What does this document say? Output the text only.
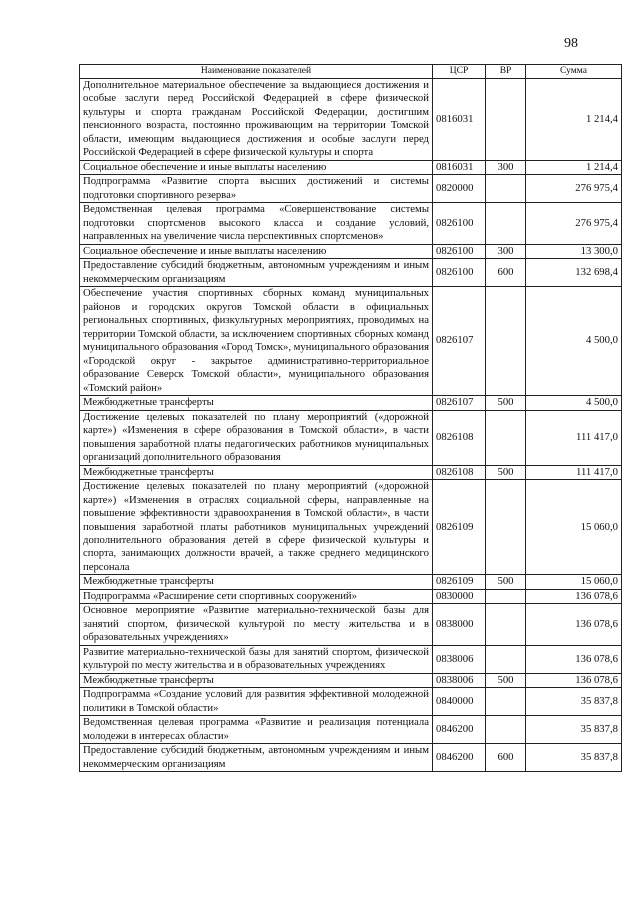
98
Наименование показателей	ЦСР	ВР	Сумма
Дополнительное материальное обеспечение за выдающиеся достижения и особые заслуги перед Российской Федерацией в сфере физической культуры и спорта гражданам Российской Федерации, достигшим пенсионного возраста, постоянно проживающим на территории Томской области, имеющим выдающиеся достижения и особые заслуги перед Российской Федерацией в сфере физической культуры и спорта	0816031		1 214,4
Социальное обеспечение и иные выплаты населению	0816031	300	1 214,4
Подпрограмма «Развитие спорта высших достижений и системы подготовки спортивного резерва»	0820000		276 975,4
Ведомственная целевая программа «Совершенствование системы подготовки спортсменов высокого класса и создание условий, направленных на увеличение числа перспективных спортсменов»	0826100		276 975,4
Социальное обеспечение и иные выплаты населению	0826100	300	13 300,0
Предоставление субсидий бюджетным, автономным учреждениям и иным некоммерческим организациям	0826100	600	132 698,4
Обеспечение участия спортивных сборных команд муниципальных районов и городских округов Томской области в официальных региональных спортивных, физкультурных мероприятиях, проводимых на территории Томской области, за исключением спортивных сборных команд муниципального образования «Город Томск», муниципального образования «Городской округ - закрытое административно-территориальное образование Северск Томской области», муниципального образования «Томский район»	0826107		4 500,0
Межбюджетные трансферты	0826107	500	4 500,0
Достижение целевых показателей по плану мероприятий («дорожной карте») «Изменения в сфере образования в Томской области», в части повышения заработной платы педагогических работников муниципальных организаций дополнительного образования	0826108		111 417,0
Межбюджетные трансферты	0826108	500	111 417,0
Достижение целевых показателей по плану мероприятий («дорожной карте») «Изменения в отраслях социальной сферы, направленные на повышение эффективности здравоохранения в Томской области», в части повышения заработной платы работников муниципальных учреждений дополнительного образования детей в сфере физической культуры и спорта, занимающих должности врачей, а также среднего медицинского персонала	0826109		15 060,0
Межбюджетные трансферты	0826109	500	15 060,0
Подпрограмма «Расширение сети спортивных сооружений»	0830000		136 078,6
Основное мероприятие «Развитие материально-технической базы для занятий спортом, физической культурой по месту жительства и в образовательных учреждениях»	0838000		136 078,6
Развитие материально-технической базы для занятий спортом, физической культурой по месту жительства и в образовательных учреждениях	0838006		136 078,6
Межбюджетные трансферты	0838006	500	136 078,6
Подпрограмма «Создание условий для развития эффективной молодежной политики в Томской области»	0840000		35 837,8
Ведомственная целевая программа «Развитие и реализация потенциала молодежи в интересах области»	0846200		35 837,8
Предоставление субсидий бюджетным, автономным учреждениям и иным некоммерческим организациям	0846200	600	35 837,8
